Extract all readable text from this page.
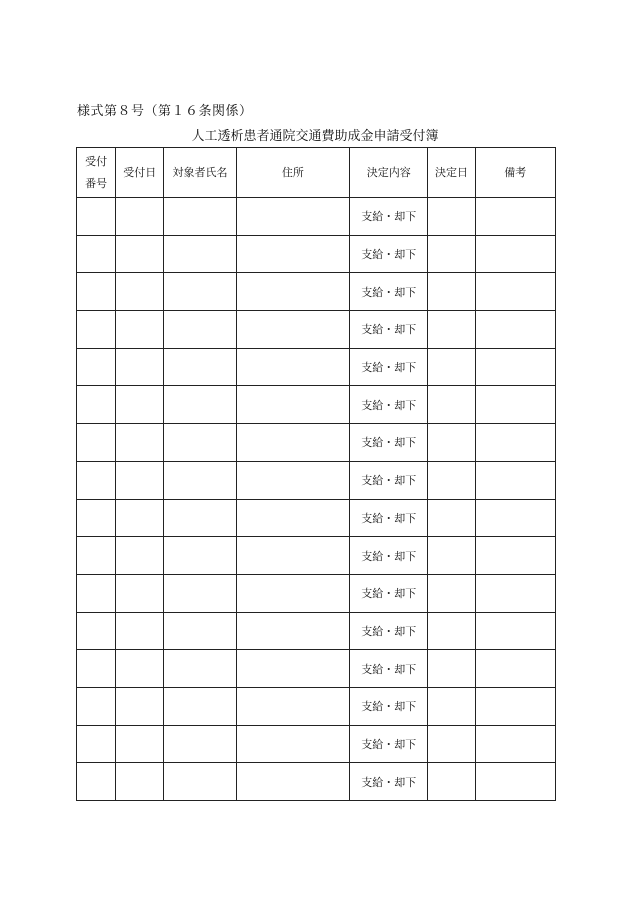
様式第８号（第１６条関係）
人工透析患者通院交通費助成金申請受付簿
受付
番号	受付日	対象者氏名	住所	決定内容	決定日	備考
				支給・却下		
				支給・却下		
				支給・却下		
				支給・却下		
				支給・却下		
				支給・却下		
				支給・却下		
				支給・却下		
				支給・却下		
				支給・却下		
				支給・却下		
				支給・却下		
				支給・却下		
				支給・却下		
				支給・却下		
				支給・却下		
